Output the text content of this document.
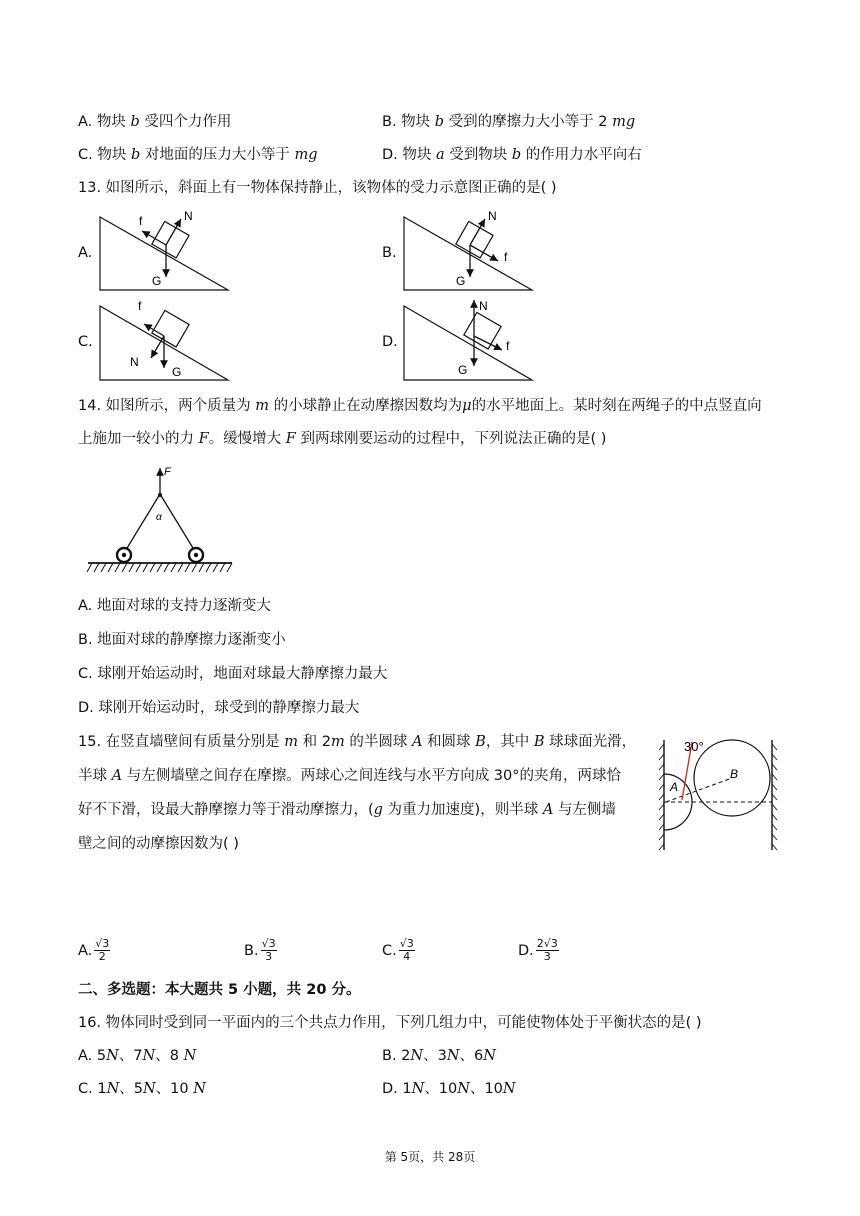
A. 物块 b 受四个力作用	B. 物块 b 受到的摩擦力大小等于 2 mg
C. 物块 b 对地面的压力大小等于 mg	D. 物块 a 受到物块 b 的作用力水平向右
13. 如图所示，斜面上有一物体保持静止，该物体的受力示意图正确的是( )
A.
f	N
G
B.	f
N
G
C.
f
N
G
D.	f
N
G
14. 如图所示，两个质量为 m 的小球静止在动摩擦因数均为μ的水平地面上。某时刻在两绳子的中点竖直向
上施加一较小的力 F。缓慢增大 F 到两球刚要运动的过程中，下列说法正确的是( )
F
α
A. 地面对球的支持力逐渐变大
B. 地面对球的静摩擦力逐渐变小
C. 球刚开始运动时，地面对球最大静摩擦力最大
D. 球刚开始运动时，球受到的静摩擦力最大
15. 在竖直墙壁间有质量分别是 m 和 2m 的半圆球 A 和圆球 B，其中 B 球球面光滑，
半球 A 与左侧墙壁之间存在摩擦。两球心之间连线与水平方向成 30°的夹角，两球恰
好不下滑，设最大静摩擦力等于滑动摩擦力，(g 为重力加速度)，则半球 A 与左侧墙
壁之间的动摩擦因数为( )
30°
A
B
A. $\frac{√3}{2}$	B. $\frac{√3}{3}$	C. $\frac{√3}{4}$	D. $\frac{2√3}{3}$
二、多选题：本大题共 5 小题，共 20 分。
16. 物体同时受到同一平面内的三个共点力作用，下列几组力中，可能使物体处于平衡状态的是( )
A. 5N、7N、8 N	B. 2N、3N、6N
C. 1N、5N、10 N	D. 1N、10N、10N
第 5页，共 28页
